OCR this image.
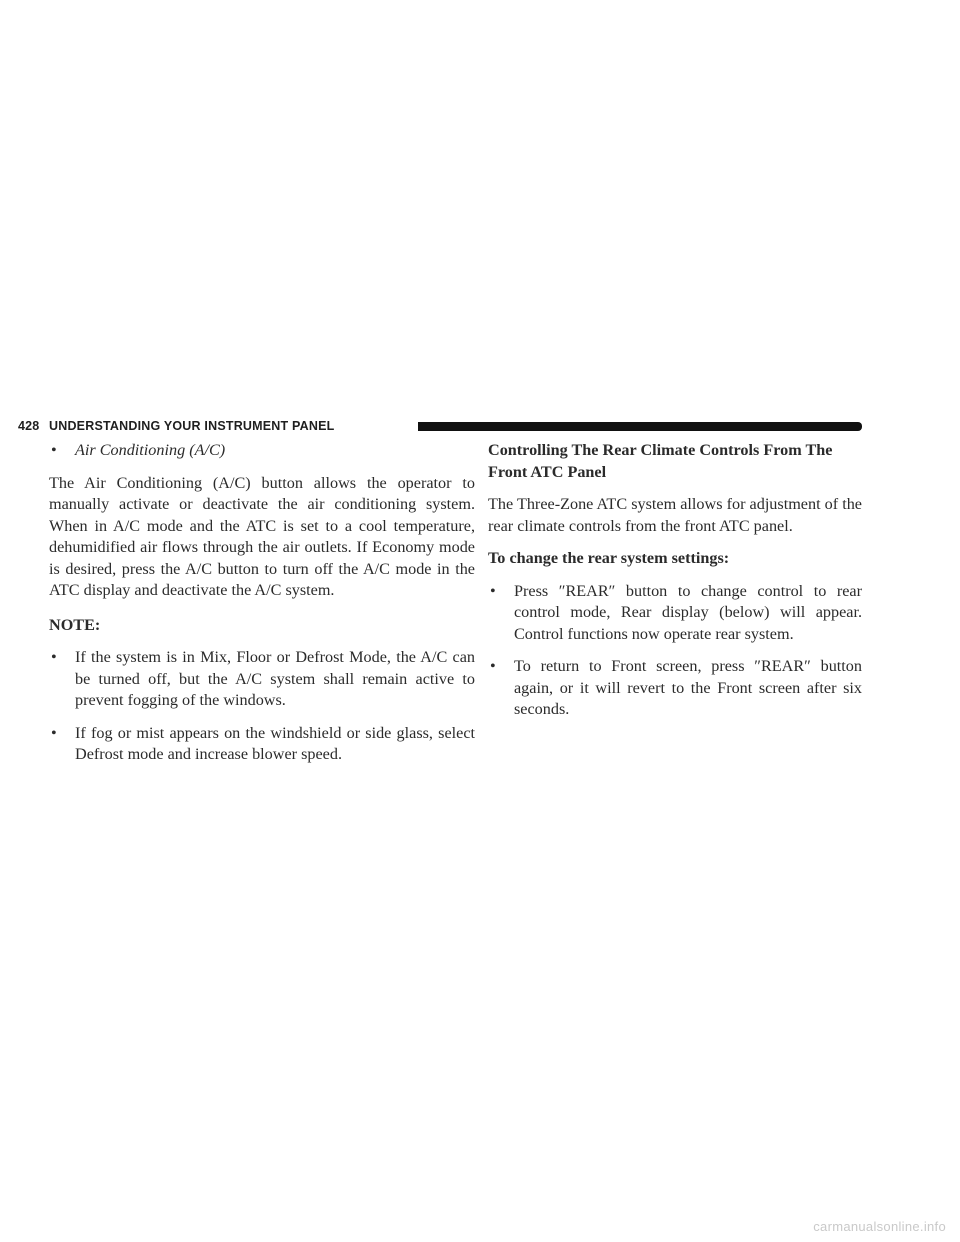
428 UNDERSTANDING YOUR INSTRUMENT PANEL

• Air Conditioning (A/C)

The Air Conditioning (A/C) button allows the operator to manually activate or deactivate the air conditioning system. When in A/C mode and the ATC is set to a cool temperature, dehumidified air flows through the air outlets. If Economy mode is desired, press the A/C button to turn off the A/C mode in the ATC display and deactivate the A/C system.

NOTE:

• If the system is in Mix, Floor or Defrost Mode, the A/C can be turned off, but the A/C system shall remain active to prevent fogging of the windows.

• If fog or mist appears on the windshield or side glass, select Defrost mode and increase blower speed.

Controlling The Rear Climate Controls From The Front ATC Panel

The Three-Zone ATC system allows for adjustment of the rear climate controls from the front ATC panel.

To change the rear system settings:

• Press ″REAR″ button to change control to rear control mode, Rear display (below) will appear. Control functions now operate rear system.

• To return to Front screen, press ″REAR″ button again, or it will revert to the Front screen after six seconds.

carmanualsonline.info
